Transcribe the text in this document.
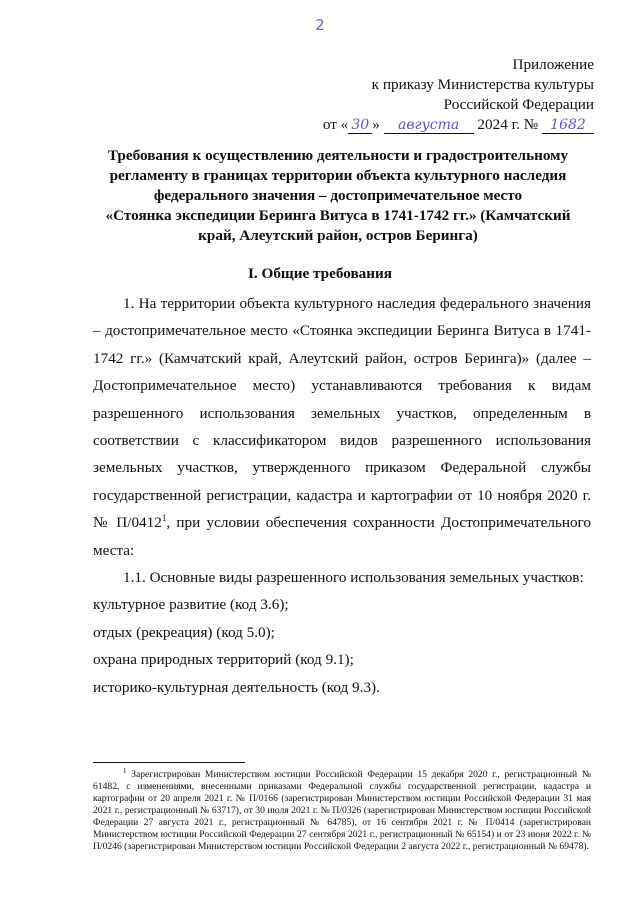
2
Приложение
к приказу Министерства культуры
Российской Федерации
от « 30 » августа 2024 г. № 1682
Требования к осуществлению деятельности и градостроительному
регламенту в границах территории объекта культурного наследия
федерального значения – достопримечательное место
«Стоянка экспедиции Беринга Витуса в 1741-1742 гг.» (Камчатский
край, Алеутский район, остров Беринга)
I. Общие требования

1. На территории объекта культурного наследия федерального значения – достопримечательное место «Стоянка экспедиции Беринга Витуса в 1741-1742 гг.» (Камчатский край, Алеутский район, остров Беринга)» (далее – Достопримечательное место) устанавливаются требования к видам разрешенного использования земельных участков, определенным в соответствии с классификатором видов разрешенного использования земельных участков, утвержденного приказом Федеральной службы государственной регистрации, кадастра и картографии от 10 ноября 2020 г. № П/0412$^1$, при условии обеспечения сохранности Достопримечательного места:

1.1. Основные виды разрешенного использования земельных участков:

культурное развитие (код 3.6);

отдых (рекреация) (код 5.0);

охрана природных территорий (код 9.1);

историко-культурная деятельность (код 9.3).

$^1$ Зарегистрирован Министерством юстиции Российской Федерации 15 декабря 2020 г., регистрационный № 61482, с изменениями, внесенными приказами Федеральной службы государственной регистрации, кадастра и картографии от 20 апреля 2021 г. № П/0166 (зарегистрирован Министерством юстиции Российской Федерации 31 мая 2021 г., регистрационный № 63717), от 30 июля 2021 г. № П/0326 (зарегистрирован Министерством юстиции Российской Федерации 27 августа 2021 г., регистрационный № 64785), от 16 сентября 2021 г. № П/0414 (зарегистрирован Министерством юстиции Российской Федерации 27 сентября 2021 г., регистрационный № 65154) и от 23 июня 2022 г. № П/0246 (зарегистрирован Министерством юстиции Российской Федерации 2 августа 2022 г., регистрационный № 69478).
